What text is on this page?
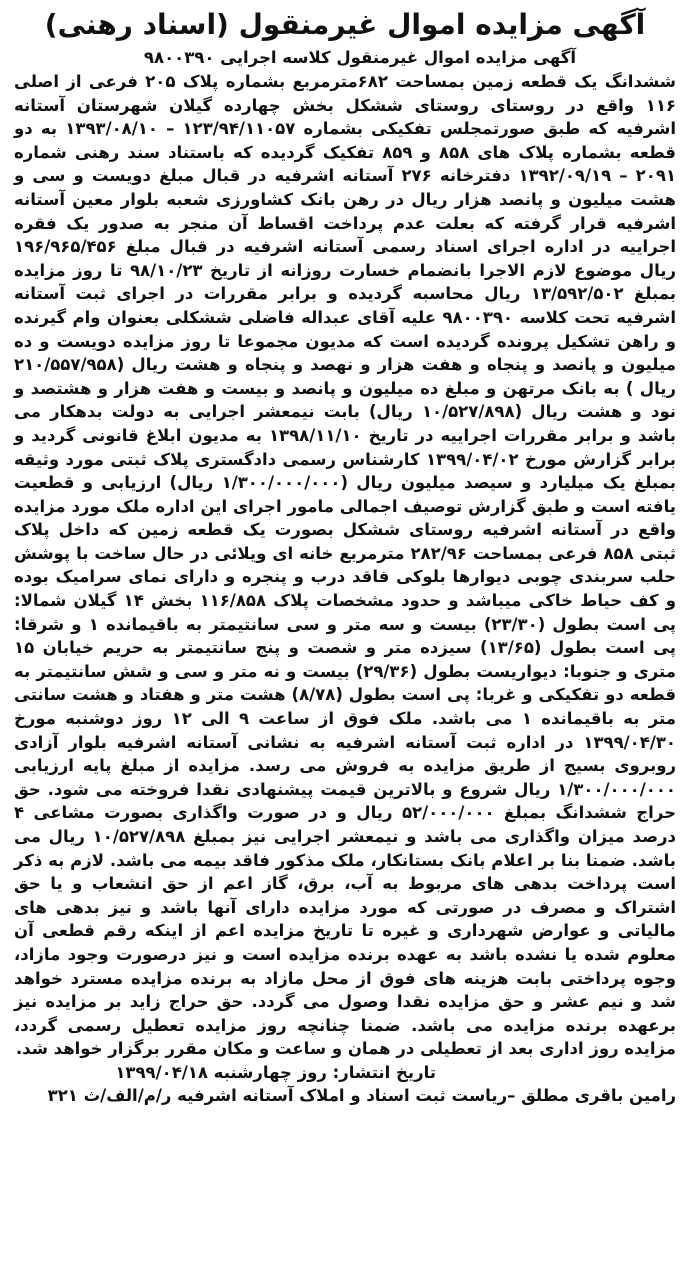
آگهی مزایده اموال غیرمنقول (اسناد رهنی)
آگهی مزایده اموال غیرمنقول کلاسه اجرایی ۹۸۰۰۳۹۰
ششدانگ یک قطعه زمین بمساحت ۶۸۲مترمربع بشماره پلاک ۲۰۵ فرعی از اصلی ۱۱۶ واقع در روستای روستای ششکل بخش چهارده گیلان شهرستان آستانه اشرفیه که طبق صورتمجلس تفکیکی بشماره ۱۲۳/۹۴/۱۱۰۵۷ – ۱۳۹۳/۰۸/۱۰ به دو قطعه بشماره پلاک های ۸۵۸ و ۸۵۹ تفکیک گردیده که باستناد سند رهنی شماره ۲۰۹۱ – ۱۳۹۲/۰۹/۱۹ دفترخانه ۲۷۶ آستانه اشرفیه در قبال مبلغ دویست و سی و هشت میلیون و پانصد هزار ریال در رهن بانک کشاورزی شعبه بلوار معین آستانه اشرفیه قرار گرفته که بعلت عدم پرداخت اقساط آن منجر به صدور یک فقره اجراییه در اداره اجرای اسناد رسمی آستانه اشرفیه در قبال مبلغ ۱۹۶/۹۶۵/۴۵۶ ریال موضوع لازم الاجرا بانضمام خسارت روزانه از تاریخ ۹۸/۱۰/۲۳ تا روز مزایده بمبلغ ۱۳/۵۹۲/۵۰۲ ریال محاسبه گردیده و برابر مقررات در اجرای ثبت آستانه اشرفیه تحت کلاسه ۹۸۰۰۳۹۰ علیه آقای عبداله فاضلی ششکلی بعنوان وام گیرنده و راهن تشکیل پرونده گردیده است که مدیون مجموعا تا روز مزایده دویست و ده میلیون و پانصد و پنجاه و هفت هزار و نهصد و پنجاه و هشت ریال (۲۱۰/۵۵۷/۹۵۸ ریال ) به بانک مرتهن و مبلغ ده میلیون و پانصد و بیست و هفت هزار و هشتصد و نود و هشت ریال (۱۰/۵۲۷/۸۹۸ ریال) بابت نیمعشر اجرایی به دولت بدهکار می باشد و برابر مقررات اجراییه در تاریخ ۱۳۹۸/۱۱/۱۰ به مدیون ابلاغ قانونی گردید و برابر گزارش مورخ ۱۳۹۹/۰۴/۰۲ کارشناس رسمی دادگستری پلاک ثبتی مورد وثیقه بمبلغ یک میلیارد و سیصد میلیون ریال (۱/۳۰۰/۰۰۰/۰۰۰ ریال) ارزیابی و قطعیت یافته است و طبق گزارش توصیف اجمالی مامور اجرای این اداره ملک مورد مزایده واقع در آستانه اشرفیه روستای ششکل بصورت یک قطعه زمین که داخل پلاک ثبتی ۸۵۸ فرعی بمساحت ۲۸۲/۹۶ مترمربع خانه ای ویلائی در حال ساخت با پوشش حلب سربندی چوبی دیوارها بلوکی فاقد درب و پنجره و دارای نمای سرامیک بوده و کف حیاط خاکی میباشد و حدود مشخصات پلاک ۱۱۶/۸۵۸ بخش ۱۴ گیلان شمالا: پی است بطول (۲۳/۳۰) بیست و سه متر و سی سانتیمتر به باقیمانده ۱ و شرقا: پی است بطول (۱۳/۶۵) سیزده متر و شصت و پنج سانتیمتر به حریم خیابان ۱۵ متری و جنوبا: دیواریست بطول (۲۹/۳۶) بیست و نه متر و سی و شش سانتیمتر به قطعه دو تفکیکی و غربا: پی است بطول (۸/۷۸) هشت متر و هفتاد و هشت سانتی متر به باقیمانده ۱ می باشد. ملک فوق از ساعت ۹ الی ۱۲ روز دوشنبه مورخ ۱۳۹۹/۰۴/۳۰ در اداره ثبت آستانه اشرفیه به نشانی آستانه اشرفیه بلوار آزادی روبروی بسیج از طریق مزایده به فروش می رسد. مزایده از مبلغ پایه ارزیابی ۱/۳۰۰/۰۰۰/۰۰۰ ریال شروع و بالاترین قیمت پیشنهادی نقدا فروخته می شود. حق حراج ششدانگ بمبلغ ۵۲/۰۰۰/۰۰۰ ریال و در صورت واگذاری بصورت مشاعی ۴ درصد میزان واگذاری می باشد و نیمعشر اجرایی نیز بمبلغ ۱۰/۵۲۷/۸۹۸ ریال می باشد. ضمنا بنا بر اعلام بانک بستانکار، ملک مذکور فاقد بیمه می باشد. لازم به ذکر است پرداخت بدهی های مربوط به آب، برق، گاز اعم از حق انشعاب و یا حق اشتراک و مصرف در صورتی که مورد مزایده دارای آنها باشد و نیز بدهی های مالیاتی و عوارض شهرداری و غیره تا تاریخ مزایده اعم از اینکه رقم قطعی آن معلوم شده یا نشده باشد به عهده برنده مزایده است و نیز درصورت وجود مازاد، وجوه پرداختی بابت هزینه های فوق از محل مازاد به برنده مزایده مسترد خواهد شد و نیم عشر و حق مزایده نقدا وصول می گردد. حق حراج زاید بر مزایده نیز برعهده برنده مزایده می باشد. ضمنا چنانچه روز مزایده تعطیل رسمی گردد، مزایده روز اداری بعد از تعطیلی در همان و ساعت و مکان مقرر برگزار خواهد شد.
تاریخ انتشار: روز چهارشنبه ۱۳۹۹/۰۴/۱۸
رامین باقری مطلق –ریاست ثبت اسناد و املاک آستانه اشرفیه ر/م/الف/ث ۳۲۱
